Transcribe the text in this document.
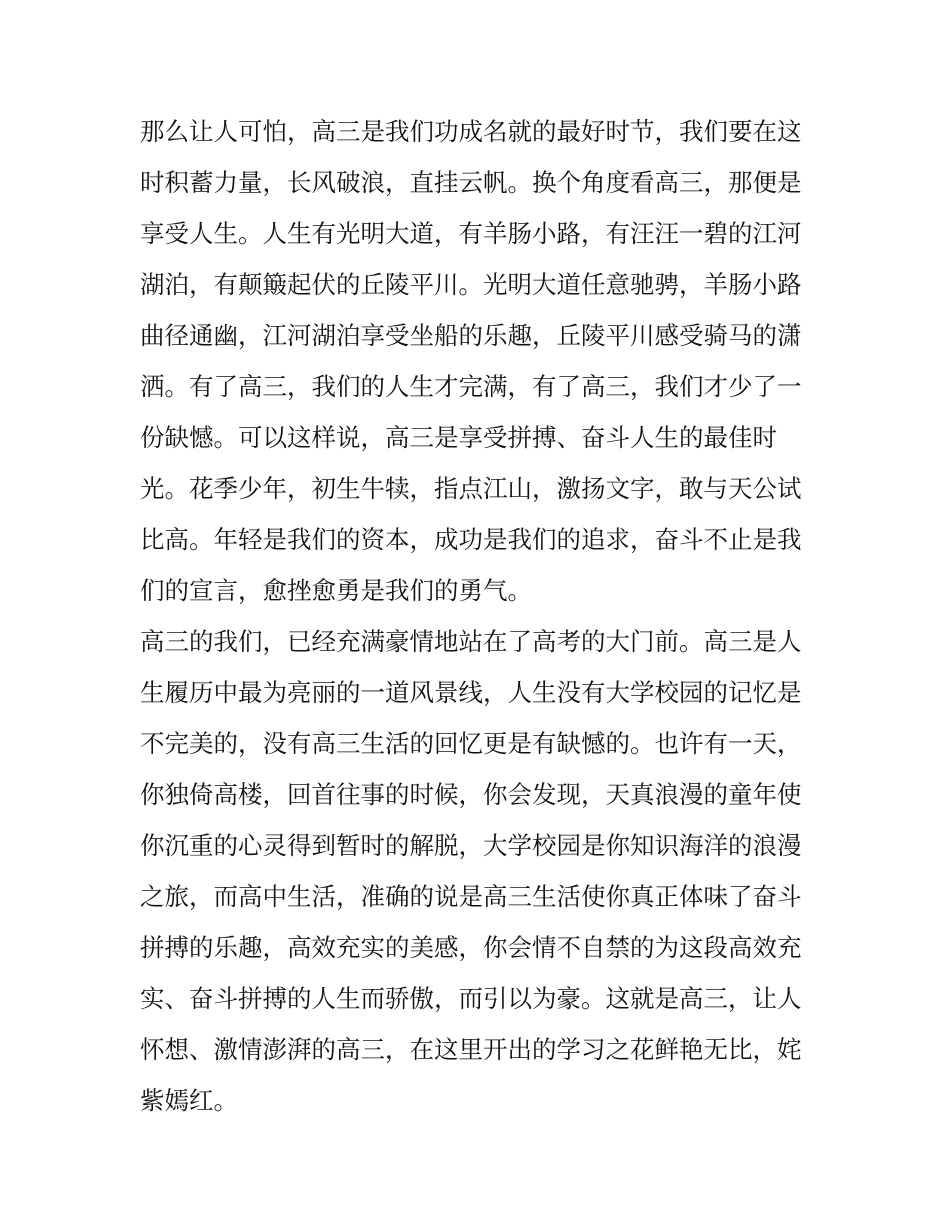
那么让人可怕，高三是我们功成名就的最好时节，我们要在这
时积蓄力量，长风破浪，直挂云帆。换个角度看高三，那便是
享受人生。人生有光明大道，有羊肠小路，有汪汪一碧的江河
湖泊，有颠簸起伏的丘陵平川。光明大道任意驰骋，羊肠小路
曲径通幽，江河湖泊享受坐船的乐趣，丘陵平川感受骑马的潇
洒。有了高三，我们的人生才完满，有了高三，我们才少了一
份缺憾。可以这样说，高三是享受拼搏、奋斗人生的最佳时
光。花季少年，初生牛犊，指点江山，激扬文字，敢与天公试
比高。年轻是我们的资本，成功是我们的追求，奋斗不止是我
们的宣言，愈挫愈勇是我们的勇气。
高三的我们，已经充满豪情地站在了高考的大门前。高三是人
生履历中最为亮丽的一道风景线，人生没有大学校园的记忆是
不完美的，没有高三生活的回忆更是有缺憾的。也许有一天，
你独倚高楼，回首往事的时候，你会发现，天真浪漫的童年使
你沉重的心灵得到暂时的解脱，大学校园是你知识海洋的浪漫
之旅，而高中生活，准确的说是高三生活使你真正体味了奋斗
拼搏的乐趣，高效充实的美感，你会情不自禁的为这段高效充
实、奋斗拼搏的人生而骄傲，而引以为豪。这就是高三，让人
怀想、激情澎湃的高三，在这里开出的学习之花鲜艳无比，姹
紫嫣红。
